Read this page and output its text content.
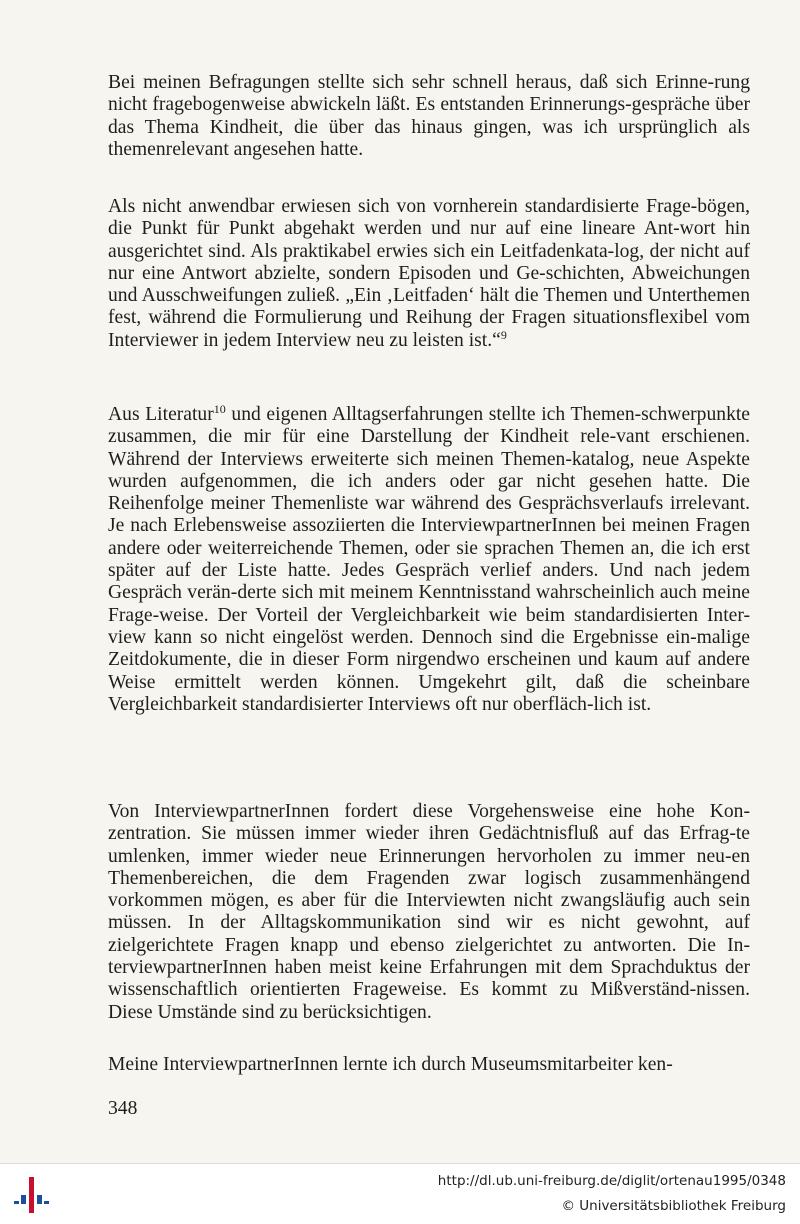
Bei meinen Befragungen stellte sich sehr schnell heraus, daß sich Erinne-rung nicht fragebogenweise abwickeln läßt. Es entstanden Erinnerungs-gespräche über das Thema Kindheit, die über das hinaus gingen, was ich ursprünglich als themenrelevant angesehen hatte.

Als nicht anwendbar erwiesen sich von vornherein standardisierte Frage-bögen, die Punkt für Punkt abgehakt werden und nur auf eine lineare Ant-wort hin ausgerichtet sind. Als praktikabel erwies sich ein Leitfadenkata-log, der nicht auf nur eine Antwort abzielte, sondern Episoden und Ge-schichten, Abweichungen und Ausschweifungen zuließ. „Ein ‚Leitfaden‘ hält die Themen und Unterthemen fest, während die Formulierung und Reihung der Fragen situationsflexibel vom Interviewer in jedem Interview neu zu leisten ist.“$^9$

Aus Literatur$^{10}$ und eigenen Alltagserfahrungen stellte ich Themen-schwerpunkte zusammen, die mir für eine Darstellung der Kindheit rele-vant erschienen. Während der Interviews erweiterte sich meinen Themen-katalog, neue Aspekte wurden aufgenommen, die ich anders oder gar nicht gesehen hatte. Die Reihenfolge meiner Themenliste war während des Gesprächsverlaufs irrelevant. Je nach Erlebensweise assoziierten die InterviewpartnerInnen bei meinen Fragen andere oder weiterreichende Themen, oder sie sprachen Themen an, die ich erst später auf der Liste hatte. Jedes Gespräch verlief anders. Und nach jedem Gespräch verän-derte sich mit meinem Kenntnisstand wahrscheinlich auch meine Frage-weise. Der Vorteil der Vergleichbarkeit wie beim standardisierten Inter-view kann so nicht eingelöst werden. Dennoch sind die Ergebnisse ein-malige Zeitdokumente, die in dieser Form nirgendwo erscheinen und kaum auf andere Weise ermittelt werden können. Umgekehrt gilt, daß die scheinbare Vergleichbarkeit standardisierter Interviews oft nur oberfläch-lich ist.

Von InterviewpartnerInnen fordert diese Vorgehensweise eine hohe Kon-zentration. Sie müssen immer wieder ihren Gedächtnisfluß auf das Erfrag-te umlenken, immer wieder neue Erinnerungen hervorholen zu immer neu-en Themenbereichen, die dem Fragenden zwar logisch zusammenhängend vorkommen mögen, es aber für die Interviewten nicht zwangsläufig auch sein müssen. In der Alltagskommunikation sind wir es nicht gewohnt, auf zielgerichtete Fragen knapp und ebenso zielgerichtet zu antworten. Die In-terviewpartnerInnen haben meist keine Erfahrungen mit dem Sprachduktus der wissenschaftlich orientierten Frageweise. Es kommt zu Mißverständ-nissen. Diese Umstände sind zu berücksichtigen.

Meine InterviewpartnerInnen lernte ich durch Museumsmitarbeiter ken-

348
http://dl.ub.uni-freiburg.de/diglit/ortenau1995/0348
© Universitätsbibliothek Freiburg
